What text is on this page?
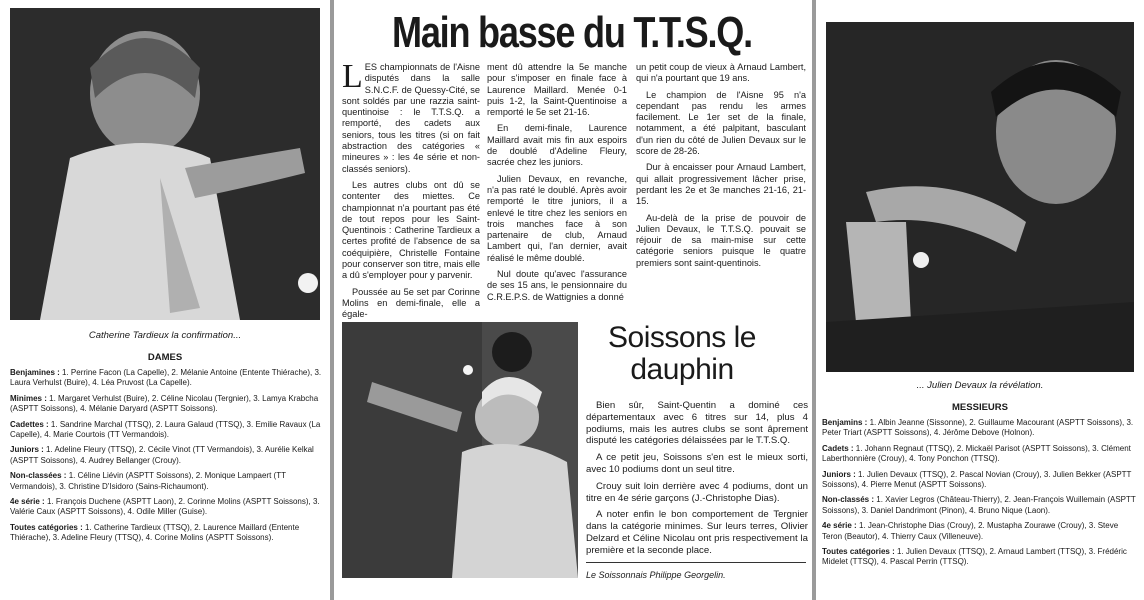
Catherine Tardieux la confirmation...
DAMES

Benjamines : 1. Perrine Facon (La Capelle), 2. Mélanie Antoine (Entente Thiérache), 3. Laura Verhulst (Buire), 4. Léa Pruvost (La Capelle).

Minimes : 1. Margaret Verhulst (Buire), 2. Céline Nicolau (Tergnier), 3. Lamya Krabcha (ASPTT Soissons), 4. Mélanie Daryard (ASPTT Soissons).

Cadettes : 1. Sandrine Marchal (TTSQ), 2. Laura Galaud (TTSQ), 3. Emilie Ravaux (La Capelle), 4. Marie Courtois (TT Vermandois).

Juniors : 1. Adeline Fleury (TTSQ), 2. Cécile Vinot (TT Vermandois), 3. Aurélie Kelkal (ASPTT Soissons), 4. Audrey Bellanger (Crouy).

Non-classées : 1. Céline Liévin (ASPTT Soissons), 2. Monique Lampaert (TT Vermandois), 3. Christine D'Isidoro (Sains-Richaumont).

4e série : 1. François Duchene (ASPTT Laon), 2. Corinne Molins (ASPTT Soissons), 3. Valérie Caux (ASPTT Soissons), 4. Odile Miller (Guise).

Toutes catégories : 1. Catherine Tardieux (TTSQ), 2. Laurence Maillard (Entente Thiérache), 3. Adeline Fleury (TTSQ), 4. Corine Molins (ASPTT Soissons).

Main basse du T.T.S.Q.

LES championnats de l'Aisne disputés dans la salle S.N.C.F. de Quessy-Cité, se sont soldés par une razzia saint-quentinoise : le T.T.S.Q. a remporté, des cadets aux seniors, tous les titres (si on fait abstraction des catégories « mineures » : les 4e série et non-classés seniors).

Les autres clubs ont dû se contenter des miettes. Ce championnat n'a pourtant pas été de tout repos pour les Saint-Quentinois : Catherine Tardieux a certes profité de l'absence de sa coéquipière, Christelle Fontaine pour conserver son titre, mais elle a dû s'employer pour y parvenir.

Poussée au 5e set par Corinne Molins en demi-finale, elle a égale-

ment dû attendre la 5e manche pour s'imposer en finale face à Laurence Maillard. Menée 0-1 puis 1-2, la Saint-Quentinoise a remporté le 5e set 21-16.

En demi-finale, Laurence Maillard avait mis fin aux espoirs de doublé d'Adeline Fleury, sacrée chez les juniors.

Julien Devaux, en revanche, n'a pas raté le doublé. Après avoir remporté le titre juniors, il a enlevé le titre chez les seniors en trois manches face à son partenaire de club, Arnaud Lambert qui, l'an dernier, avait réalisé le même doublé.

Nul doute qu'avec l'assurance de ses 15 ans, le pensionnaire du C.R.E.P.S. de Wattignies a donné

un petit coup de vieux à Arnaud Lambert, qui n'a pourtant que 19 ans.

Le champion de l'Aisne 95 n'a cependant pas rendu les armes facilement. Le 1er set de la finale, notamment, a été palpitant, basculant d'un rien du côté de Julien Devaux sur le score de 28-26.

Dur à encaisser pour Arnaud Lambert, qui allait progressivement lâcher prise, perdant les 2e et 3e manches 21-16, 21-15.

Au-delà de la prise de pouvoir de Julien Devaux, le T.T.S.Q. pouvait se réjouir de sa main-mise sur cette catégorie seniors puisque le quatre premiers sont saint-quentinois.

Soissons le dauphin

Bien sûr, Saint-Quentin a dominé ces départementaux avec 6 titres sur 14, plus 4 podiums, mais les autres clubs se sont âprement disputé les catégories délaissées par le T.T.S.Q.

A ce petit jeu, Soissons s'en est le mieux sorti, avec 10 podiums dont un seul titre.

Crouy suit loin derrière avec 4 podiums, dont un titre en 4e série garçons (J.-Christophe Dias).

A noter enfin le bon comportement de Tergnier dans la catégorie minimes. Sur leurs terres, Olivier Delzard et Céline Nicolau ont pris respectivement la première et la seconde place.

Le Soissonnais Philippe Georgelin.
... Julien Devaux la révélation.
MESSIEURS

Benjamins : 1. Albin Jeanne (Sissonne), 2. Guillaume Macourant (ASPTT Soissons), 3. Peter Triart (ASPTT Soissons), 4. Jérôme Debove (Holnon).

Cadets : 1. Johann Regnaut (TTSQ), 2. Mickaël Parisot (ASPTT Soissons), 3. Clément Laberthonnière (Crouy), 4. Tony Ponchon (TTSQ).

Juniors : 1. Julien Devaux (TTSQ), 2. Pascal Novian (Crouy), 3. Julien Bekker (ASPTT Soissons), 4. Pierre Menut (ASPTT Soissons).

Non-classés : 1. Xavier Legros (Château-Thierry), 2. Jean-François Wuillemain (ASPTT Soissons), 3. Daniel Dandrimont (Pinon), 4. Bruno Nique (Laon).

4e série : 1. Jean-Christophe Dias (Crouy), 2. Mustapha Zourawe (Crouy), 3. Steve Teron (Beautor), 4. Thierry Caux (Villeneuve).

Toutes catégories : 1. Julien Devaux (TTSQ), 2. Arnaud Lambert (TTSQ), 3. Frédéric Midelet (TTSQ), 4. Pascal Perrin (TTSQ).
